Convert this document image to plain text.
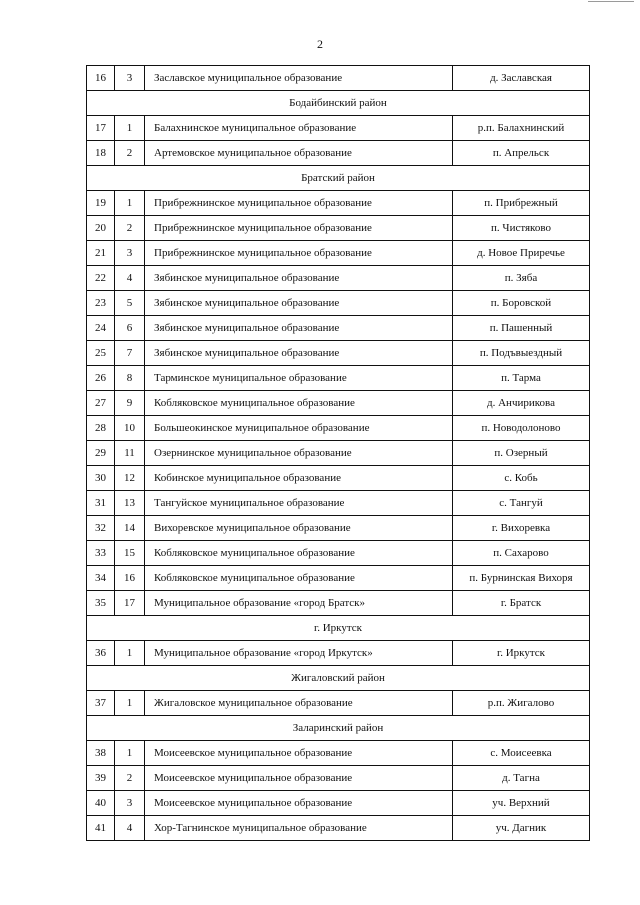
2
16	3	Заславское муниципальное образование	д. Заславская
Бодайбинский район			
17	1	Балахнинское муниципальное образование	р.п. Балахнинский
18	2	Артемовское муниципальное образование	п. Апрельск
Братский район			
19	1	Прибрежнинское муниципальное образование	п. Прибрежный
20	2	Прибрежнинское муниципальное образование	п. Чистяково
21	3	Прибрежнинское муниципальное образование	д. Новое Приречье
22	4	Зябинское муниципальное образование	п. Зяба
23	5	Зябинское муниципальное образование	п. Боровской
24	6	Зябинское муниципальное образование	п. Пашенный
25	7	Зябинское муниципальное образование	п. Подъвыездный
26	8	Тарминское муниципальное образование	п. Тарма
27	9	Кобляковское муниципальное образование	д. Анчирикова
28	10	Большеокинское муниципальное образование	п. Новодолоново
29	11	Озернинское муниципальное образование	п. Озерный
30	12	Кобинское муниципальное образование	с. Кобь
31	13	Тангуйское муниципальное образование	с. Тангуй
32	14	Вихоревское муниципальное образование	г. Вихоревка
33	15	Кобляковское муниципальное образование	п. Сахарово
34	16	Кобляковское муниципальное образование	п. Бурнинская Вихоря
35	17	Муниципальное образование «город Братск»	г. Братск
г. Иркутск			
36	1	Муниципальное образование «город Иркутск»	г. Иркутск
Жигаловский район			
37	1	Жигаловское муниципальное образование	р.п. Жигалово
Заларинский район			
38	1	Моисеевское муниципальное образование	с. Моисеевка
39	2	Моисеевское муниципальное образование	д. Тагна
40	3	Моисеевское муниципальное образование	уч. Верхний
41	4	Хор-Тагнинское муниципальное образование	уч. Дагник
